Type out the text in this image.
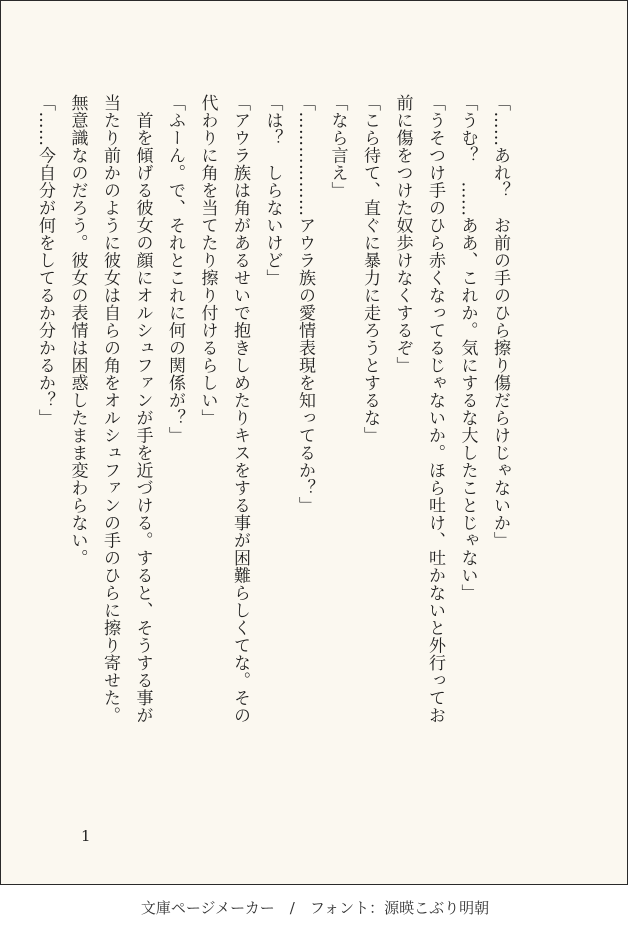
「……あれ？　お前の手のひら擦り傷だらけじゃないか」
「うむ？　……ああ、これか。気にするな大したことじゃない」
「うそつけ手のひら赤くなってるじゃないか。ほら吐け、吐かないと外行ってお
前に傷をつけた奴歩けなくするぞ」
「こら待て、直ぐに暴力に走ろうとするな」
「なら言え」
「………………アウラ族の愛情表現を知ってるか？」
「は？　しらないけど」
「アウラ族は角があるせいで抱きしめたりキスをする事が困難らしくてな。その
代わりに角を当てたり擦り付けるらしい」
「ふーん。で、それとこれに何の関係が？」
　首を傾げる彼女の顔にオルシュファンが手を近づける。すると、そうする事が
当たり前かのように彼女は自らの角をオルシュファンの手のひらに擦り寄せた。
無意識なのだろう。彼女の表情は困惑したまま変わらない。
「……今自分が何をしてるか分かるか？」
1
文庫ページメーカー　/　フォント：源暎こぶり明朝
